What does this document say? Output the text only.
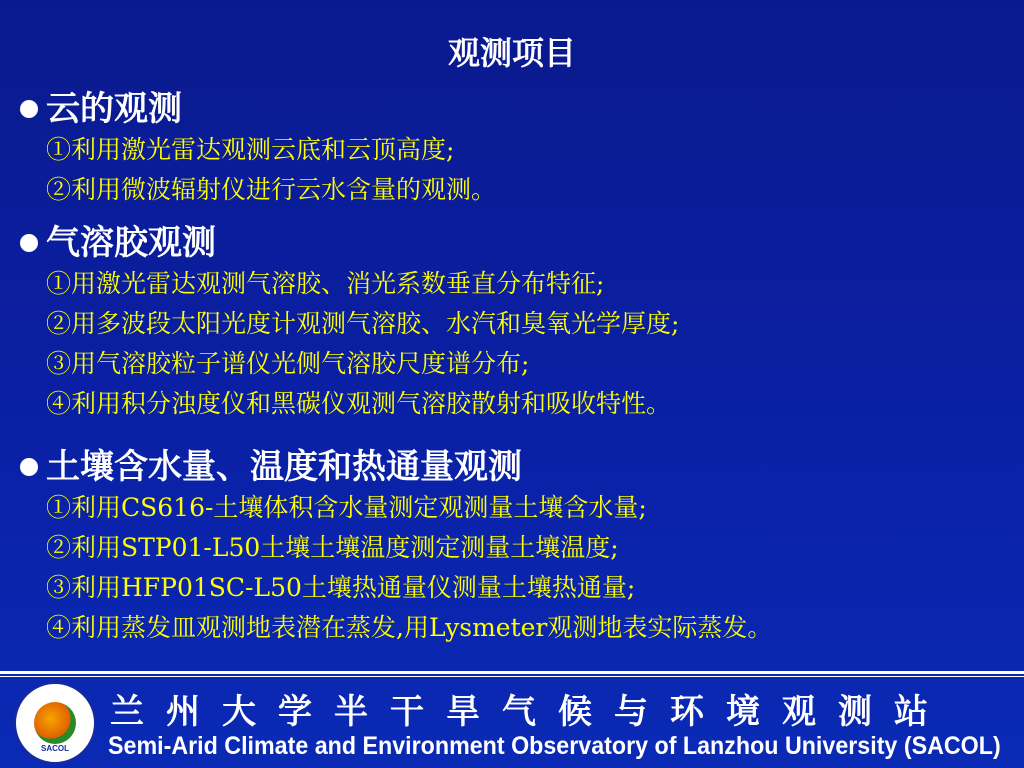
观测项目
云的观测
①利用激光雷达观测云底和云顶高度;
②利用微波辐射仪进行云水含量的观测。
气溶胶观测
①用激光雷达观测气溶胶、消光系数垂直分布特征;
②用多波段太阳光度计观测气溶胶、水汽和臭氧光学厚度;
③用气溶胶粒子谱仪光侧气溶胶尺度谱分布;
④利用积分浊度仪和黑碳仪观测气溶胶散射和吸收特性。
土壤含水量、温度和热通量观测
①利用CS616-土壤体积含水量测定观测量土壤含水量;
②利用STP01-L50土壤土壤温度测定测量土壤温度;
③利用HFP01SC-L50土壤热通量仪测量土壤热通量;
④利用蒸发皿观测地表潜在蒸发,用Lysmeter观测地表实际蒸发。
SACOL
兰州大学半干旱气候与环境观测站
Semi-Arid Climate and Environment Observatory of Lanzhou University (SACOL)
